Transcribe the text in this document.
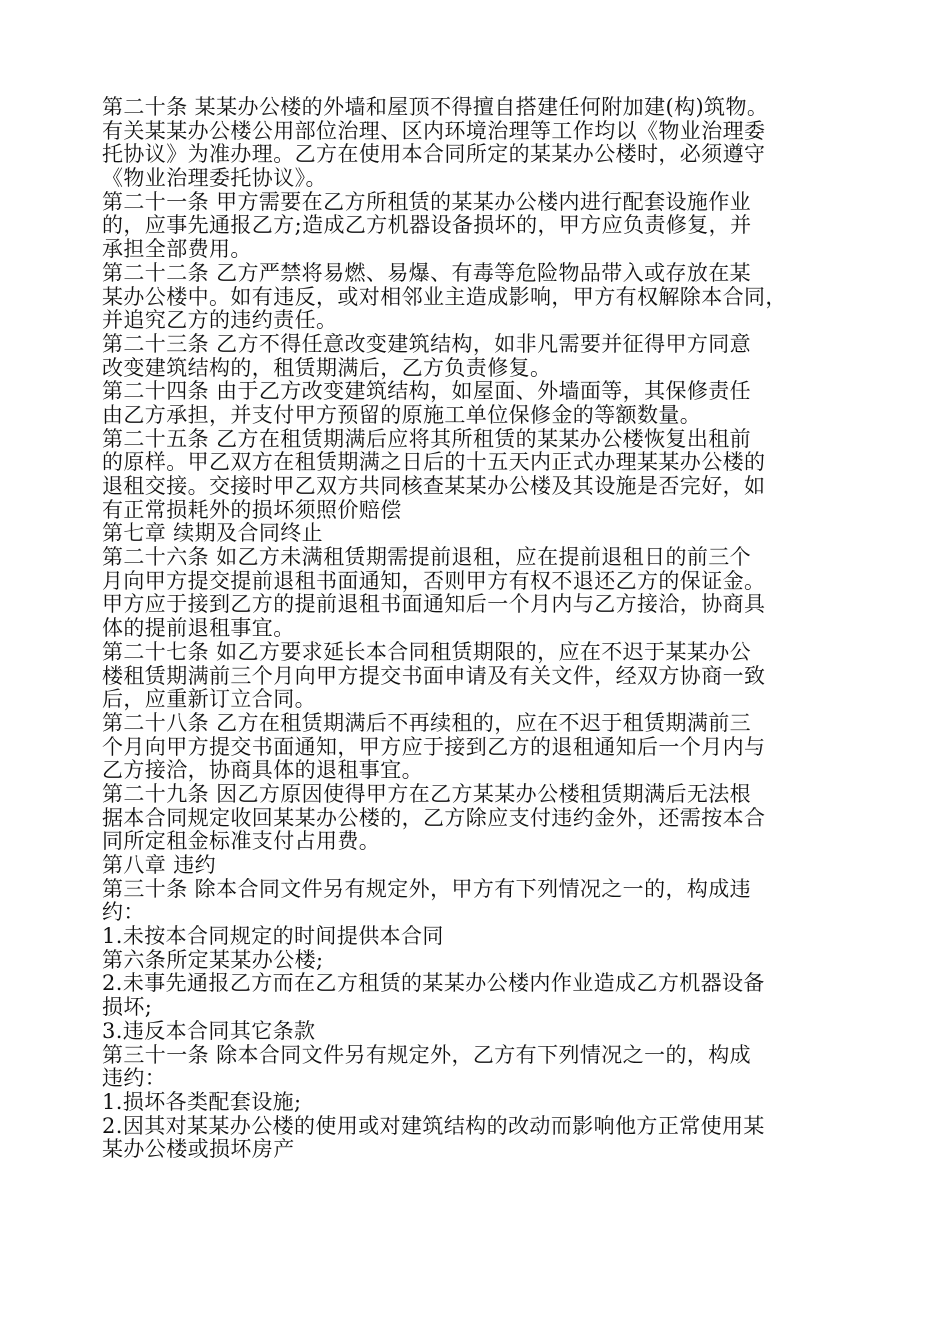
第二十条 某某办公楼的外墙和屋顶不得擅自搭建任何附加建(构)筑物。
有关某某办公楼公用部位治理、区内环境治理等工作均以《物业治理委
托协议》为准办理。乙方在使用本合同所定的某某办公楼时，必须遵守
《物业治理委托协议》。
第二十一条 甲方需要在乙方所租赁的某某办公楼内进行配套设施作业
的，应事先通报乙方;造成乙方机器设备损坏的，甲方应负责修复，并
承担全部费用。
第二十二条 乙方严禁将易燃、易爆、有毒等危险物品带入或存放在某
某办公楼中。如有违反，或对相邻业主造成影响，甲方有权解除本合同，
并追究乙方的违约责任。
第二十三条 乙方不得任意改变建筑结构，如非凡需要并征得甲方同意
改变建筑结构的，租赁期满后，乙方负责修复。
第二十四条 由于乙方改变建筑结构，如屋面、外墙面等，其保修责任
由乙方承担，并支付甲方预留的原施工单位保修金的等额数量。
第二十五条 乙方在租赁期满后应将其所租赁的某某办公楼恢复出租前
的原样。甲乙双方在租赁期满之日后的十五天内正式办理某某办公楼的
退租交接。交接时甲乙双方共同核查某某办公楼及其设施是否完好，如
有正常损耗外的损坏须照价赔偿
第七章 续期及合同终止
第二十六条 如乙方未满租赁期需提前退租，应在提前退租日的前三个
月向甲方提交提前退租书面通知，否则甲方有权不退还乙方的保证金。
甲方应于接到乙方的提前退租书面通知后一个月内与乙方接洽，协商具
体的提前退租事宜。
第二十七条 如乙方要求延长本合同租赁期限的，应在不迟于某某办公
楼租赁期满前三个月向甲方提交书面申请及有关文件，经双方协商一致
后，应重新订立合同。
第二十八条 乙方在租赁期满后不再续租的，应在不迟于租赁期满前三
个月向甲方提交书面通知，甲方应于接到乙方的退租通知后一个月内与
乙方接洽，协商具体的退租事宜。
第二十九条 因乙方原因使得甲方在乙方某某办公楼租赁期满后无法根
据本合同规定收回某某办公楼的，乙方除应支付违约金外，还需按本合
同所定租金标准支付占用费。
第八章 违约
第三十条 除本合同文件另有规定外，甲方有下列情况之一的，构成违
约：
1.未按本合同规定的时间提供本合同
第六条所定某某办公楼;
2.未事先通报乙方而在乙方租赁的某某办公楼内作业造成乙方机器设备
损坏;
3.违反本合同其它条款
第三十一条 除本合同文件另有规定外，乙方有下列情况之一的，构成
违约：
1.损坏各类配套设施;
2.因其对某某办公楼的使用或对建筑结构的改动而影响他方正常使用某
某办公楼或损坏房产
